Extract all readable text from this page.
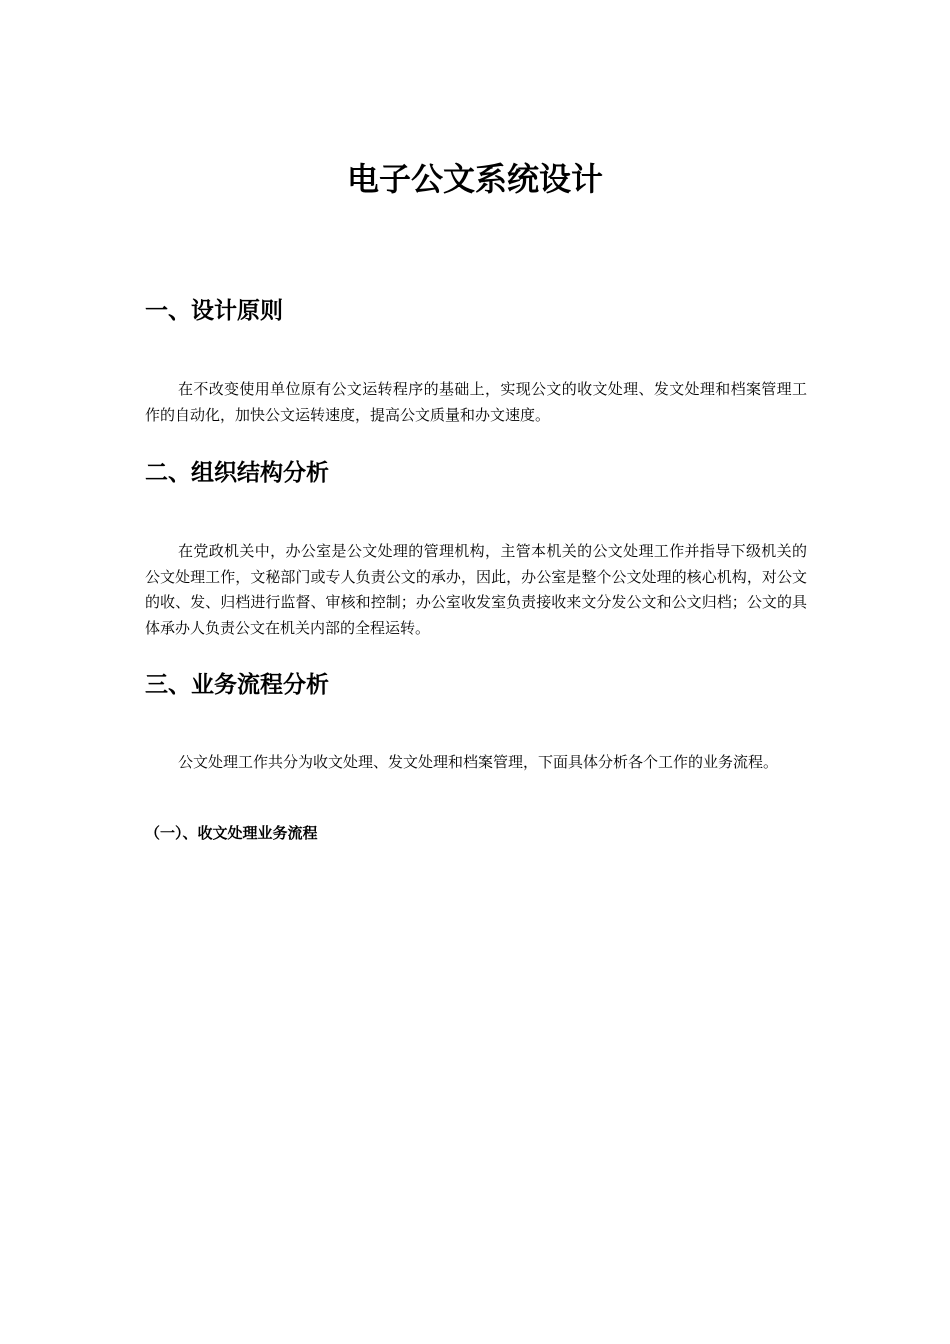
电子公文系统设计
一、设计原则

在不改变使用单位原有公文运转程序的基础上，实现公文的收文处理、发文处理和档案管理工作的自动化，加快公文运转速度，提高公文质量和办文速度。

二、组织结构分析

在党政机关中，办公室是公文处理的管理机构，主管本机关的公文处理工作并指导下级机关的公文处理工作，文秘部门或专人负责公文的承办，因此，办公室是整个公文处理的核心机构，对公文的收、发、归档进行监督、审核和控制；办公室收发室负责接收来文分发公文和公文归档；公文的具体承办人负责公文在机关内部的全程运转。

三、业务流程分析

公文处理工作共分为收文处理、发文处理和档案管理，下面具体分析各个工作的业务流程。

（一）、收文处理业务流程
